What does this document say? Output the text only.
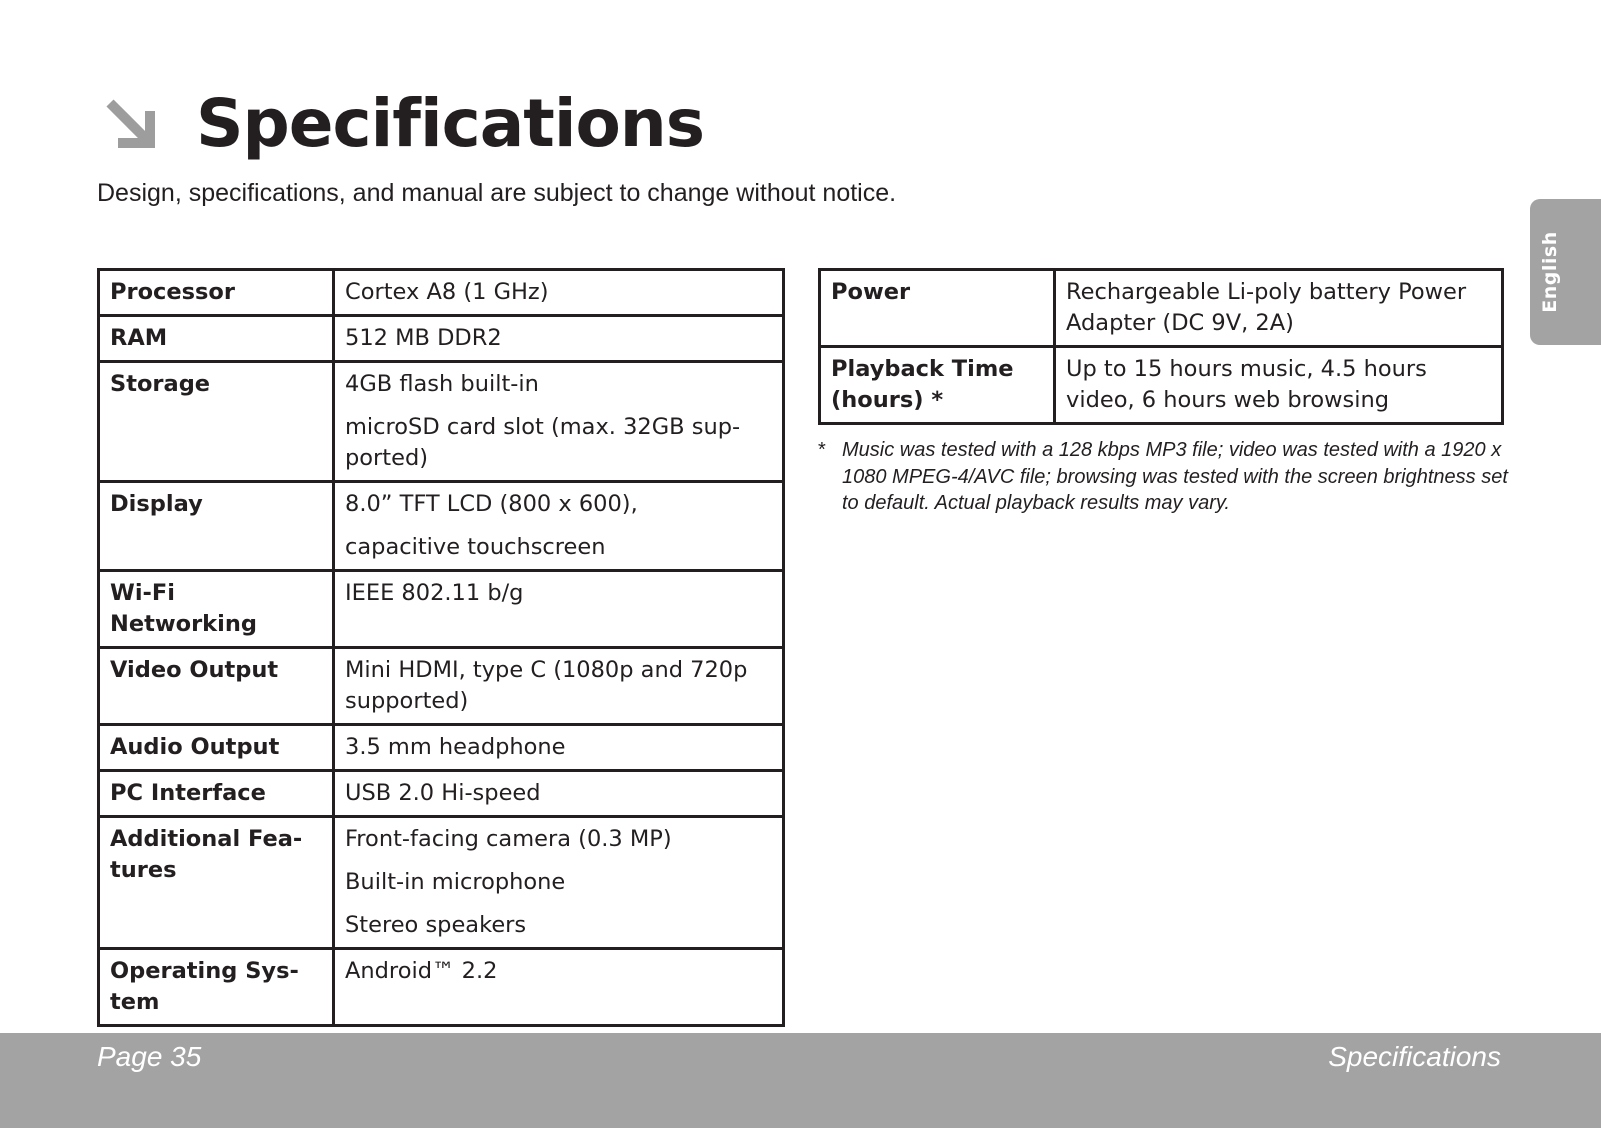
Specifications
Design, specifications, and manual are subject to change without notice.
Processor	Cortex A8 (1 GHz)

RAM	512 MB DDR2

Storage	4GB flash built-in

microSD card slot (max. 32GB sup-ported)

Display	8.0” TFT LCD (800 x 600),

capacitive touchscreen

Wi-Fi Networking	IEEE 802.11 b/g

Video Output	Mini HDMI, type C (1080p and 720p supported)

Audio Output	3.5 mm headphone

PC Interface	USB 2.0 Hi-speed

Additional Fea-tures	Front-facing camera (0.3 MP)

Built-in microphone

Stereo speakers

Operating Sys-tem	Android™ 2.2

Power	Rechargeable Li-poly battery Power Adapter (DC 9V, 2A)

Playback Time (hours) *	Up to 15 hours music, 4.5 hours video, 6 hours web browsing

* Music was tested with a 128 kbps MP3 file; video was tested with a 1920 x 1080 MPEG-4/AVC file; browsing was tested with the screen brightness set to default. Actual playback results may vary.
English
Page 35	Specifications
